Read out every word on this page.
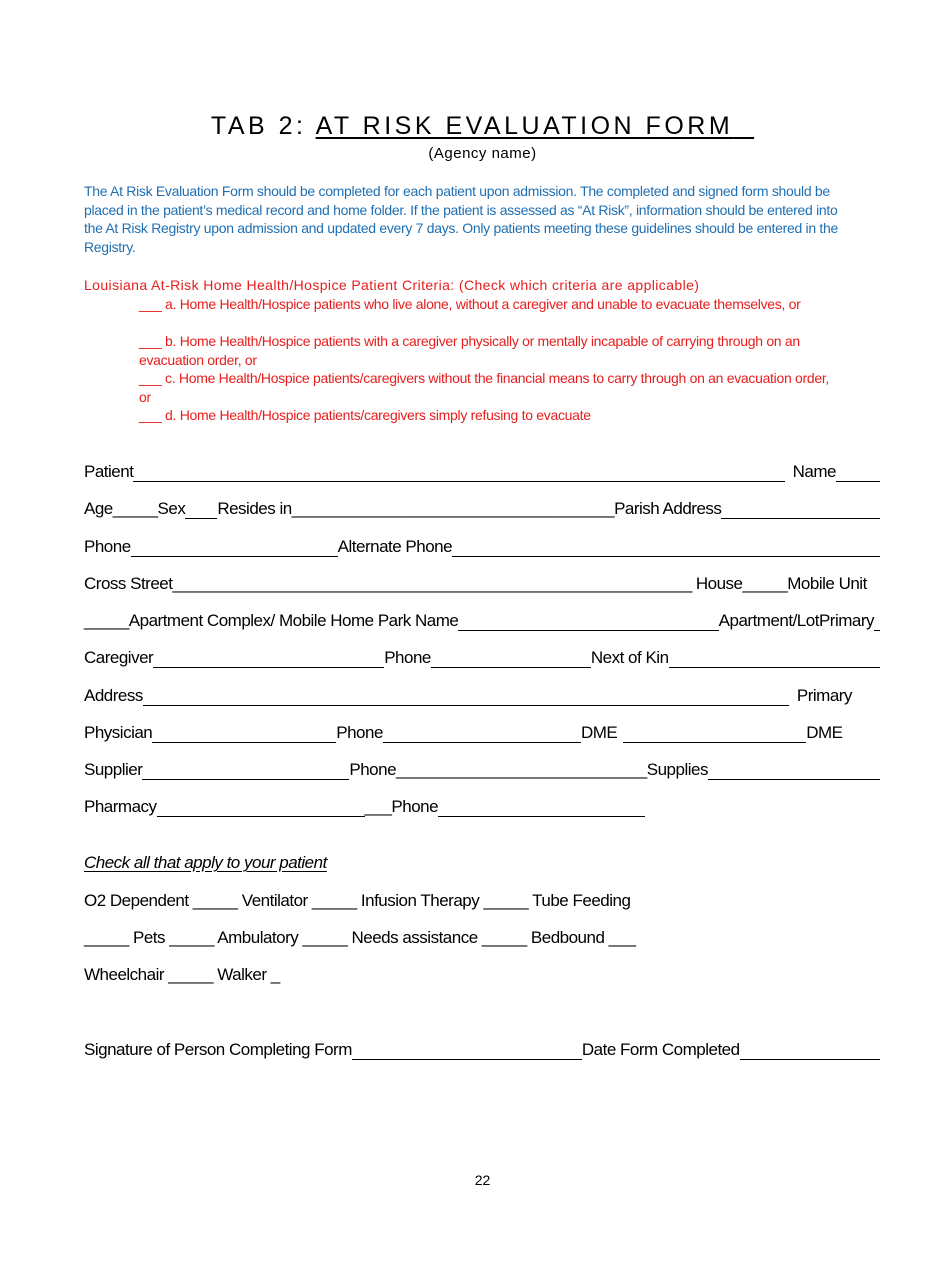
TAB 2: AT RISK EVALUATION FORM
(Agency name)
The At Risk Evaluation Form should be completed for each patient upon admission. The completed and signed form should be placed in the patient’s medical record and home folder. If the patient is assessed as “At Risk”, information should be entered into the At Risk Registry upon admission and updated every 7 days. Only patients meeting these guidelines should be entered in the Registry.
Louisiana At-Risk Home Health/Hospice Patient Criteria: (Check which criteria are applicable)
___ a. Home Health/Hospice patients who live alone, without a caregiver and unable to evacuate themselves, or
___ b. Home Health/Hospice patients with a caregiver physically or mentally incapable of carrying through on an evacuation order, or
___ c. Home Health/Hospice patients/caregivers without the financial means to carry through on an evacuation order, or
___ d. Home Health/Hospice patients/caregivers simply refusing to evacuate
Patient	Name
Age_____ Sex Resides in____________________________________ Parish Address
Phone	Alternate Phone
Cross Street__________________________________________________________ House_____ Mobile Unit
_____ Apartment Complex/ Mobile Home Park Name	Apartment/Lot Primary
Caregiver	Phone	Next of Kin
Address	Primary
Physician	Phone	DME	DME
Supplier	Phone____________________________ Supplies
Pharmacy	___ Phone
Check all that apply to your patient
O2 Dependent _____ Ventilator _____ Infusion Therapy _____ Tube Feeding
_____ Pets _____ Ambulatory _____ Needs assistance _____ Bedbound ___
Wheelchair _____ Walker _
Signature of Person Completing Form	Date Form Completed
22
